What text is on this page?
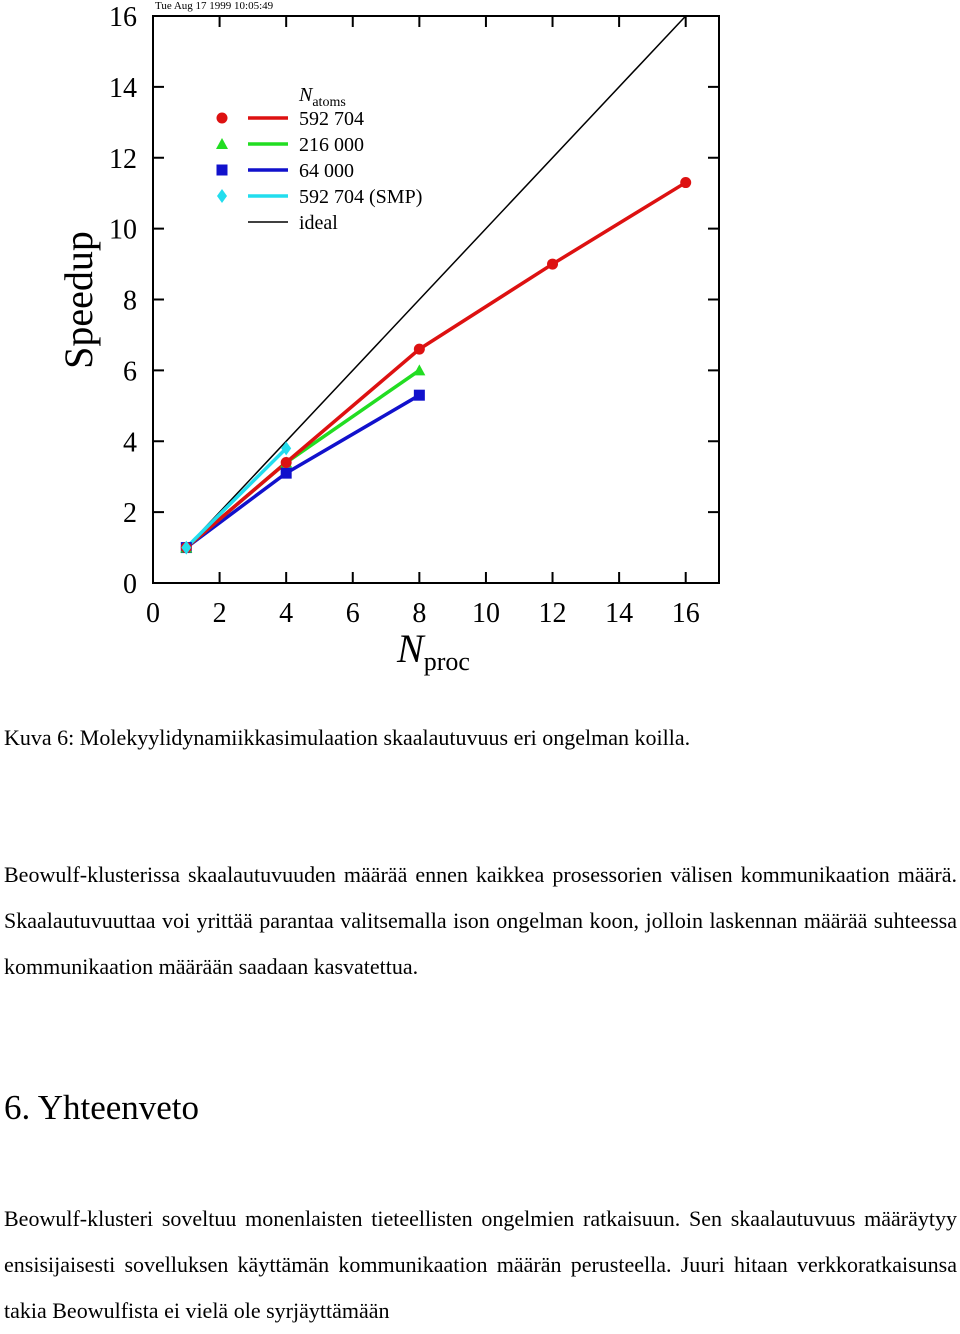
Tue Aug 17 1999 10:05:49
0 2 4 6 8 10 12 14 16
0
2
4
6
8
10
12
14
16
Speedup
$N_{proc}$
$N_{atoms}$
592 704
216 000
64 000
592 704 (SMP)
ideal
Kuva 6: Molekyylidynamiikkasimulaation skaalautuvuus eri ongelman koilla.

Beowulf-klusterissa skaalautuvuuden määrää ennen kaikkea prosessorien välisen kommunikaation määrä. Skaalautuvuuttaa voi yrittää parantaa valitsemalla ison ongelman koon, jolloin laskennan määrää suhteessa kommunikaation määrään saadaan kasvatettua.

6. Yhteenveto

Beowulf-klusteri soveltuu monenlaisten tieteellisten ongelmien ratkaisuun. Sen skaalautuvuus määräytyy ensisijaisesti sovelluksen käyttämän kommunikaation määrän perusteella. Juuri hitaan verkkoratkaisunsa takia Beowulfista ei vielä ole syrjäyttämään
